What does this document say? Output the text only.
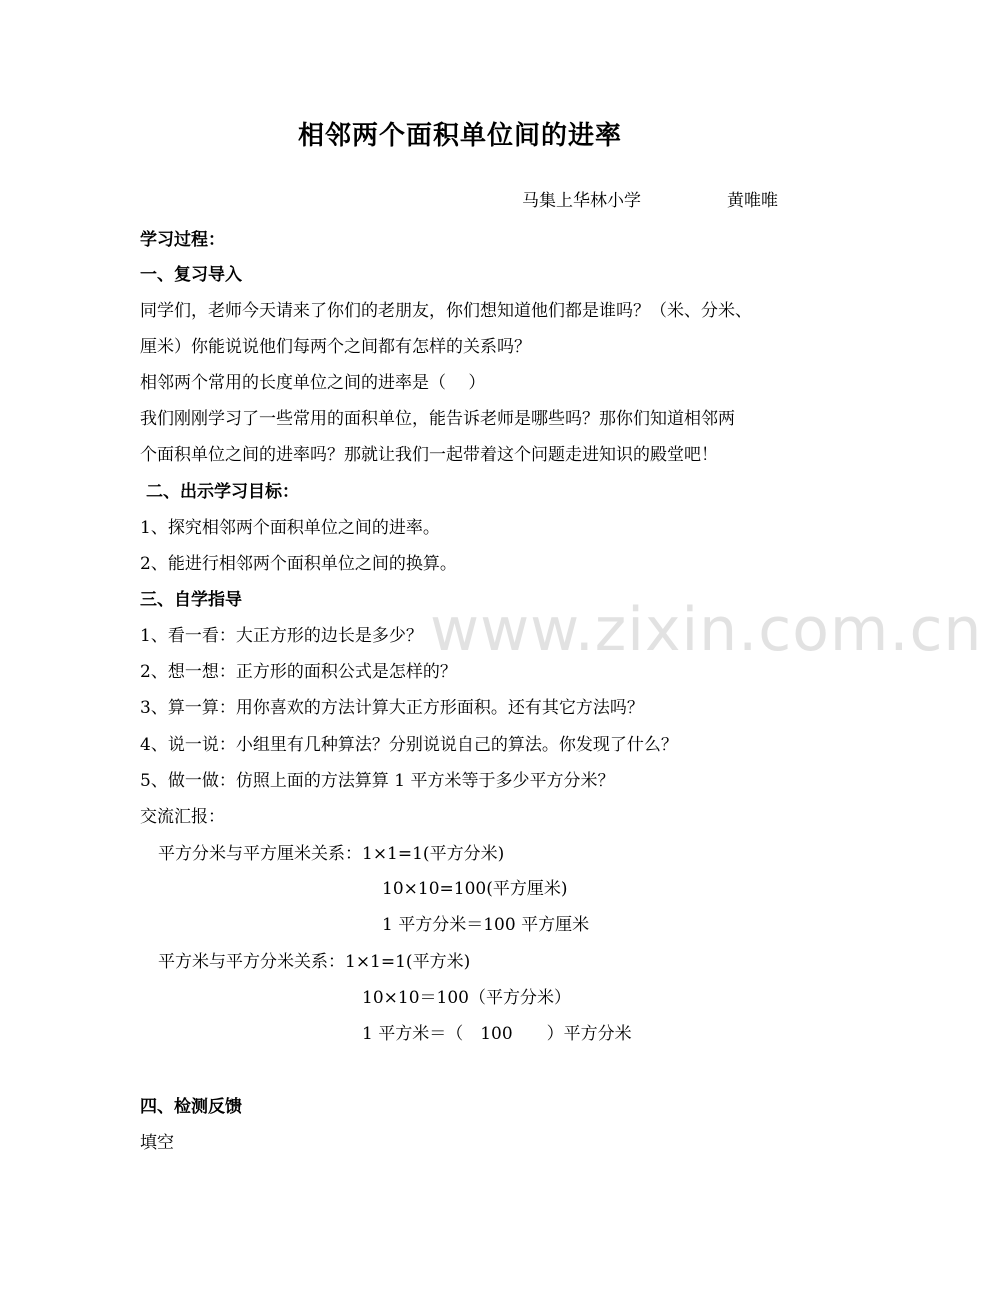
相邻两个面积单位间的进率
马集上华林小学	黄唯唯
学习过程：
一、复习导入
同学们，老师今天请来了你们的老朋友，你们想知道他们都是谁吗？（米、分米、
厘米）你能说说他们每两个之间都有怎样的关系吗？
相邻两个常用的长度单位之间的进率是（　 ）
我们刚刚学习了一些常用的面积单位，能告诉老师是哪些吗？那你们知道相邻两
个面积单位之间的进率吗？那就让我们一起带着这个问题走进知识的殿堂吧！
二、出示学习目标：
1、探究相邻两个面积单位之间的进率。
2、能进行相邻两个面积单位之间的换算。
三、自学指导
1、看一看：大正方形的边长是多少？
2、想一想：正方形的面积公式是怎样的？
3、算一算：用你喜欢的方法计算大正方形面积。还有其它方法吗？
4、说一说：小组里有几种算法？分别说说自己的算法。你发现了什么？
5、做一做：仿照上面的方法算算 1 平方米等于多少平方分米？
交流汇报：
平方分米与平方厘米关系：1×1=1(平方分米)
10×10=100(平方厘米)
1 平方分米＝100 平方厘米
平方米与平方分米关系：1×1=1(平方米)
10×10＝100（平方分米）
1 平方米＝（　100　　）平方分米
四、检测反馈
填空
www.zixin.com.cn
